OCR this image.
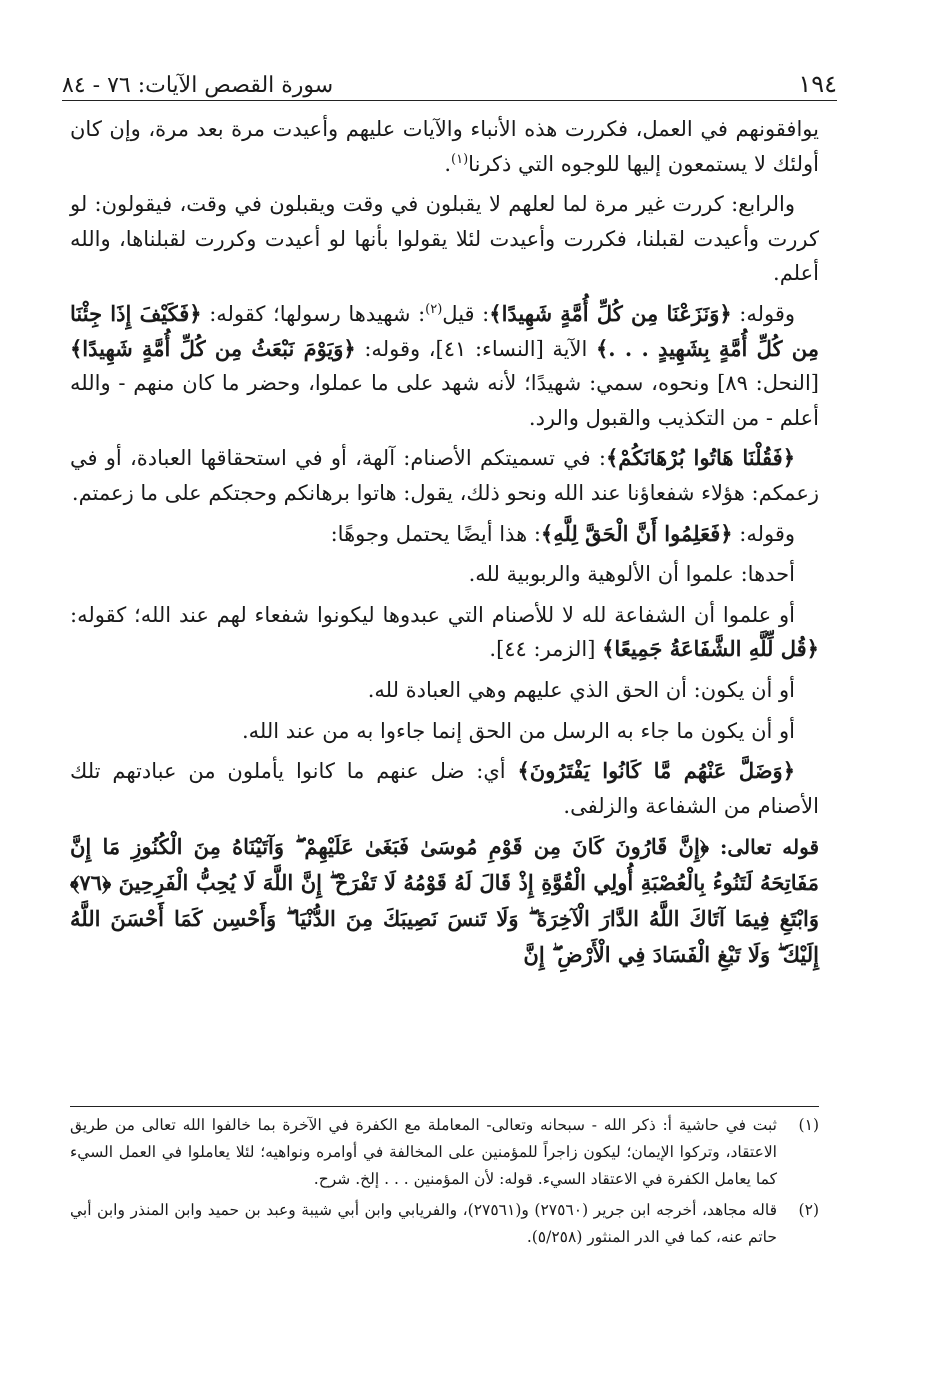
١٩٤
سورة القصص الآيات: ٧٦ - ٨٤

يوافقونهم في العمل، فكررت هذه الأنباء والآيات عليهم وأعيدت مرة بعد مرة، وإن كان أولئك لا يستمعون إليها للوجوه التي ذكرنا$^{(١)}$.

والرابع: كررت غير مرة لما لعلهم لا يقبلون في وقت ويقبلون في وقت، فيقولون: لو كررت وأعيدت لقبلنا، فكررت وأعيدت لئلا يقولوا بأنها لو أعيدت وكررت لقبلناها، والله أعلم.

وقوله: ﴿وَنَزَعْنَا مِن كُلِّ أُمَّةٍ شَهِيدًا﴾: قيل$^{(٢)}$: شهيدها رسولها؛ كقوله: ﴿فَكَيْفَ إِذَا جِئْنَا مِن كُلِّ أُمَّةٍ بِشَهِيدٍ . . .﴾ الآية [النساء: ٤١]، وقوله: ﴿وَيَوْمَ نَبْعَثُ مِن كُلِّ أُمَّةٍ شَهِيدًا﴾ [النحل: ٨٩] ونحوه، سمي: شهيدًا؛ لأنه شهد على ما عملوا، وحضر ما كان منهم - والله أعلم - من التكذيب والقبول والرد.

﴿فَقُلْنَا هَاتُوا بُرْهَانَكُمْ﴾: في تسميتكم الأصنام: آلهة، أو في استحقاقها العبادة، أو في زعمكم: هؤلاء شفعاؤنا عند الله ونحو ذلك، يقول: هاتوا برهانكم وحجتكم على ما زعمتم.

وقوله: ﴿فَعَلِمُوا أَنَّ الْحَقَّ لِلَّهِ﴾: هذا أيضًا يحتمل وجوهًا:

أحدها: علموا أن الألوهية والربوبية لله.

أو علموا أن الشفاعة لله لا للأصنام التي عبدوها ليكونوا شفعاء لهم عند الله؛ كقوله: ﴿قُل لِّلَّهِ الشَّفَاعَةُ جَمِيعًا﴾ [الزمر: ٤٤].

أو أن يكون: أن الحق الذي عليهم وهي العبادة لله.

أو أن يكون ما جاء به الرسل من الحق إنما جاءوا به من عند الله.

﴿وَضَلَّ عَنْهُم مَّا كَانُوا يَفْتَرُونَ﴾ أي: ضل عنهم ما كانوا يأملون من عبادتهم تلك الأصنام من الشفاعة والزلفى.

قوله تعالى: ﴿إِنَّ قَارُونَ كَانَ مِن قَوْمِ مُوسَىٰ فَبَغَىٰ عَلَيْهِمْ ۖ وَآتَيْنَاهُ مِنَ الْكُنُوزِ مَا إِنَّ مَفَاتِحَهُ لَتَنُوءُ بِالْعُصْبَةِ أُولِي الْقُوَّةِ إِذْ قَالَ لَهُ قَوْمُهُ لَا تَفْرَحْ ۖ إِنَّ اللَّهَ لَا يُحِبُّ الْفَرِحِينَ ﴿٧٦﴾ وَابْتَغِ فِيمَا آتَاكَ اللَّهُ الدَّارَ الْآخِرَةَ ۖ وَلَا تَنسَ نَصِيبَكَ مِنَ الدُّنْيَا ۖ وَأَحْسِن كَمَا أَحْسَنَ اللَّهُ إِلَيْكَ ۖ وَلَا تَبْغِ الْفَسَادَ فِي الْأَرْضِ ۖ إِنَّ

(١)
ثبت في حاشية أ: ذكر الله - سبحانه وتعالى- المعاملة مع الكفرة في الآخرة بما خالفوا الله تعالى من طريق الاعتقاد، وتركوا الإيمان؛ ليكون زاجراً للمؤمنين على المخالفة في أوامره ونواهيه؛ لئلا يعاملوا في العمل السيء كما يعامل الكفرة في الاعتقاد السيء. قوله: لأن المؤمنين . . . إلخ. شرح.
(٢)
قاله مجاهد، أخرجه ابن جرير (٢٧٥٦٠) و(٢٧٥٦١)، والفريابي وابن أبي شيبة وعبد بن حميد وابن المنذر وابن أبي حاتم عنه، كما في الدر المنثور (٥/٢٥٨).
